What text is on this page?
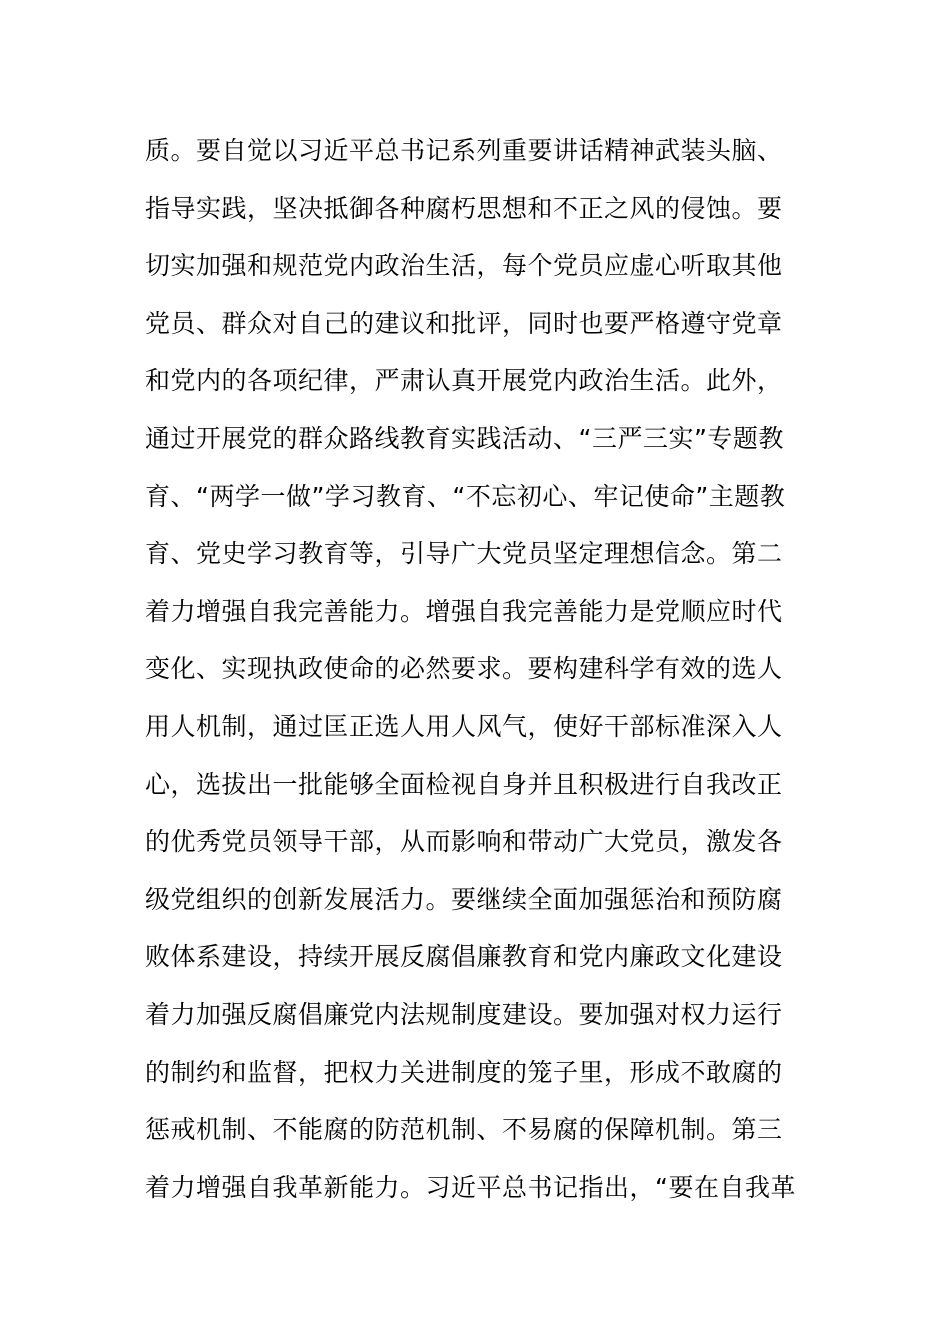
质。要自觉以习近平总书记系列重要讲话精神武装头脑、
指导实践，坚决抵御各种腐朽思想和不正之风的侵蚀。要
切实加强和规范党内政治生活，每个党员应虚心听取其他
党员、群众对自己的建议和批评，同时也要严格遵守党章
和党内的各项纪律，严肃认真开展党内政治生活。此外，
通过开展党的群众路线教育实践活动、“三严三实”专题教
育、“两学一做”学习教育、“不忘初心、牢记使命”主题教
育、党史学习教育等，引导广大党员坚定理想信念。第二
着力增强自我完善能力。增强自我完善能力是党顺应时代
变化、实现执政使命的必然要求。要构建科学有效的选人
用人机制，通过匡正选人用人风气，使好干部标准深入人
心，选拔出一批能够全面检视自身并且积极进行自我改正
的优秀党员领导干部，从而影响和带动广大党员，激发各
级党组织的创新发展活力。要继续全面加强惩治和预防腐
败体系建设，持续开展反腐倡廉教育和党内廉政文化建设
着力加强反腐倡廉党内法规制度建设。要加强对权力运行
的制约和监督，把权力关进制度的笼子里，形成不敢腐的
惩戒机制、不能腐的防范机制、不易腐的保障机制。第三
着力增强自我革新能力。习近平总书记指出，“要在自我革
